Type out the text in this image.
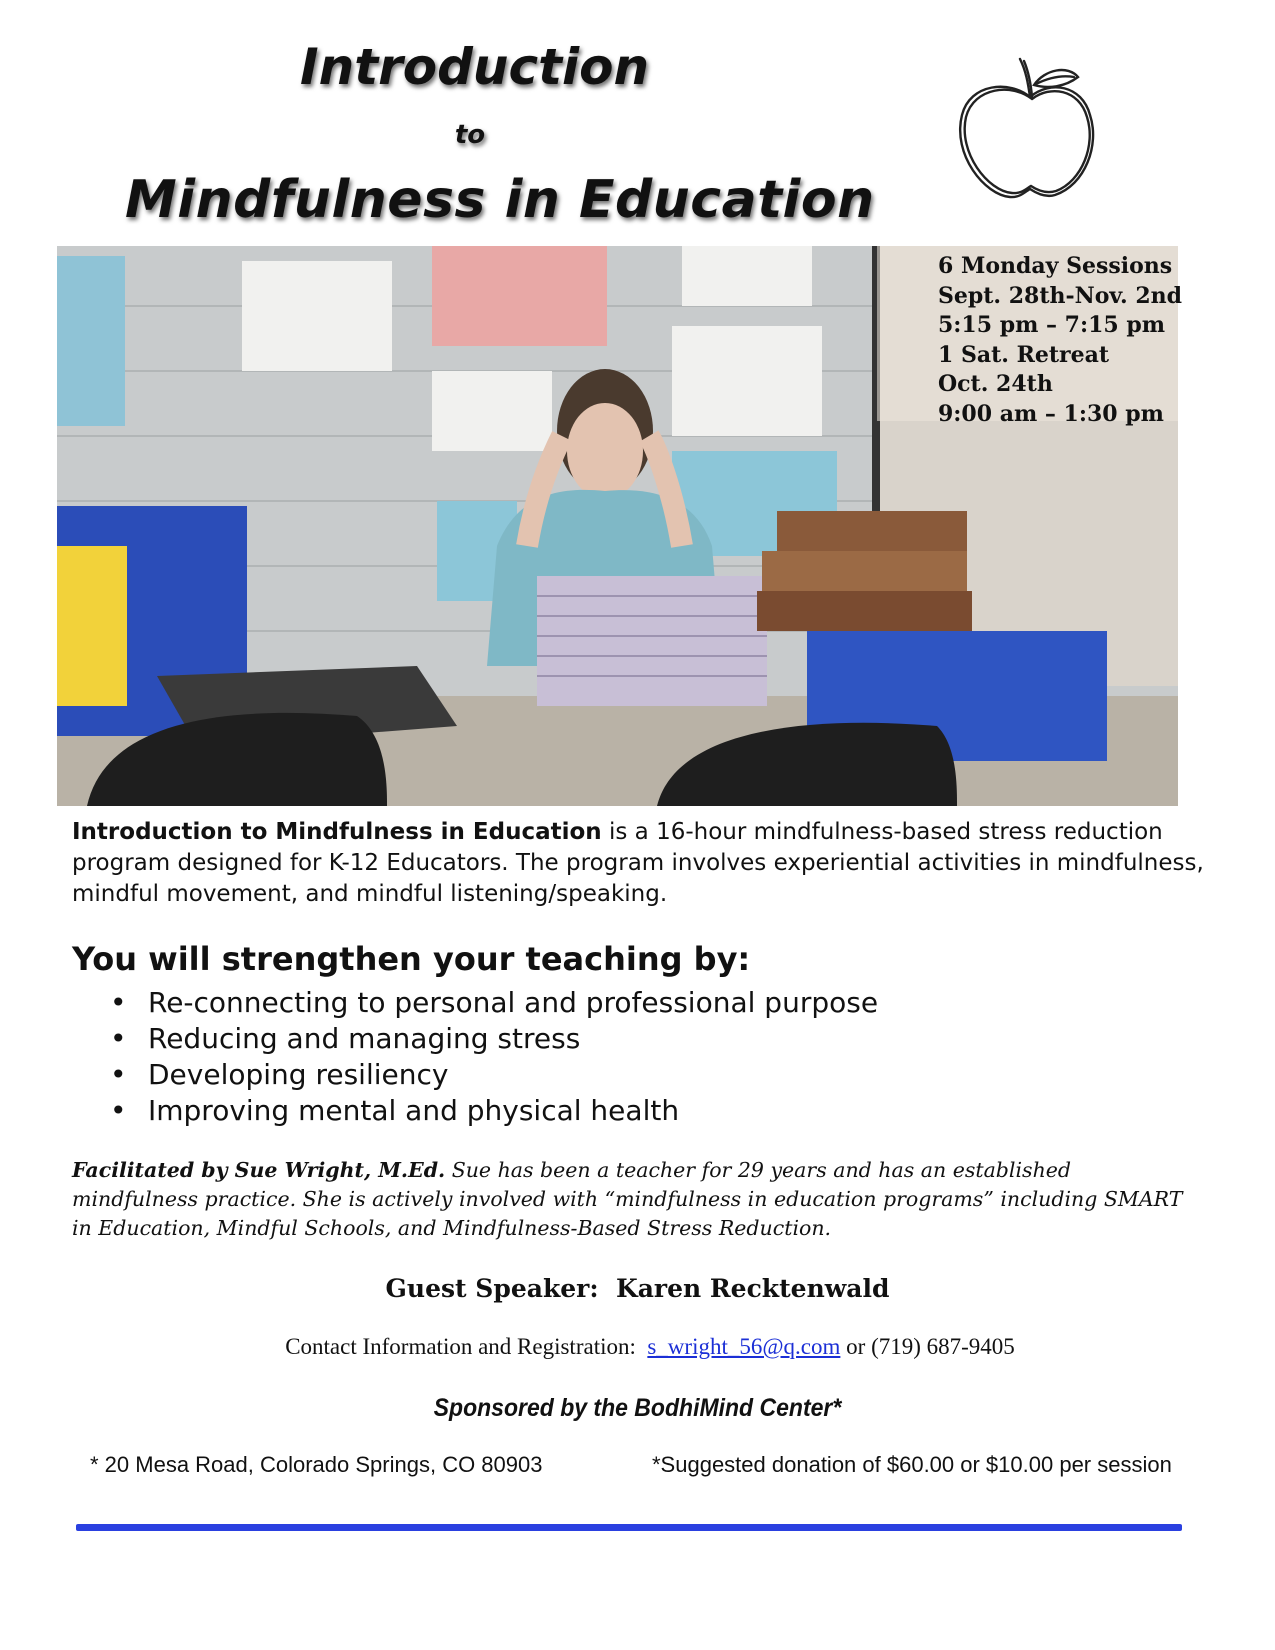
Introduction
to
Mindfulness in Education
6 Monday Sessions
Sept. 28th-Nov. 2nd
5:15 pm – 7:15 pm
1 Sat. Retreat
Oct. 24th
9:00 am – 1:30 pm

Introduction to Mindfulness in Education is a 16-hour mindfulness-based stress reduction program designed for K-12 Educators. The program involves experiential activities in mindfulness, mindful movement, and mindful listening/speaking.

You will strengthen your teaching by:
• Re-connecting to personal and professional purpose
• Reducing and managing stress
• Developing resiliency
• Improving mental and physical health

Facilitated by Sue Wright, M.Ed. Sue has been a teacher for 29 years and has an established mindfulness practice. She is actively involved with “mindfulness in education programs” including SMART in Education, Mindful Schools, and Mindfulness-Based Stress Reduction.

Guest Speaker: Karen Recktenwald
Contact Information and Registration: s_wright_56@q.com or (719) 687-9405
Sponsored by the BodhiMind Center*
* 20 Mesa Road, Colorado Springs, CO 80903	*Suggested donation of $60.00 or $10.00 per session
